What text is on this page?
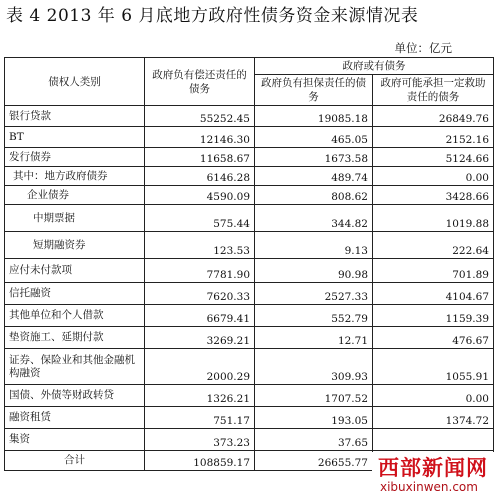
表 4 2013 年 6 月底地方政府性债务资金来源情况表
单位：亿元
债权人类别	政府负有偿还责任的债务	政府或有债务	
		政府负有担保责任的债务	政府可能承担一定救助责任的债务
银行贷款	55252.45	19085.18	26849.76
BT	12146.30	465.05	2152.16
发行债券	11658.67	1673.58	5124.66
其中：地方政府债券	6146.28	489.74	0.00
企业债券	4590.09	808.62	3428.66
中期票据	575.44	344.82	1019.88
短期融资券	123.53	9.13	222.64
应付未付款项	7781.90	90.98	701.89
信托融资	7620.33	2527.33	4104.67
其他单位和个人借款	6679.41	552.79	1159.39
垫资施工、延期付款	3269.21	12.71	476.67
证券、保险业和其他金融机构融资	2000.29	309.93	1055.91
国债、外债等财政转贷	1326.21	1707.52	0.00
融资租赁	751.17	193.05	1374.72
集资	373.23	37.65	
合计	108859.17	26655.77	西部新闻网
xibuxinwen.com
